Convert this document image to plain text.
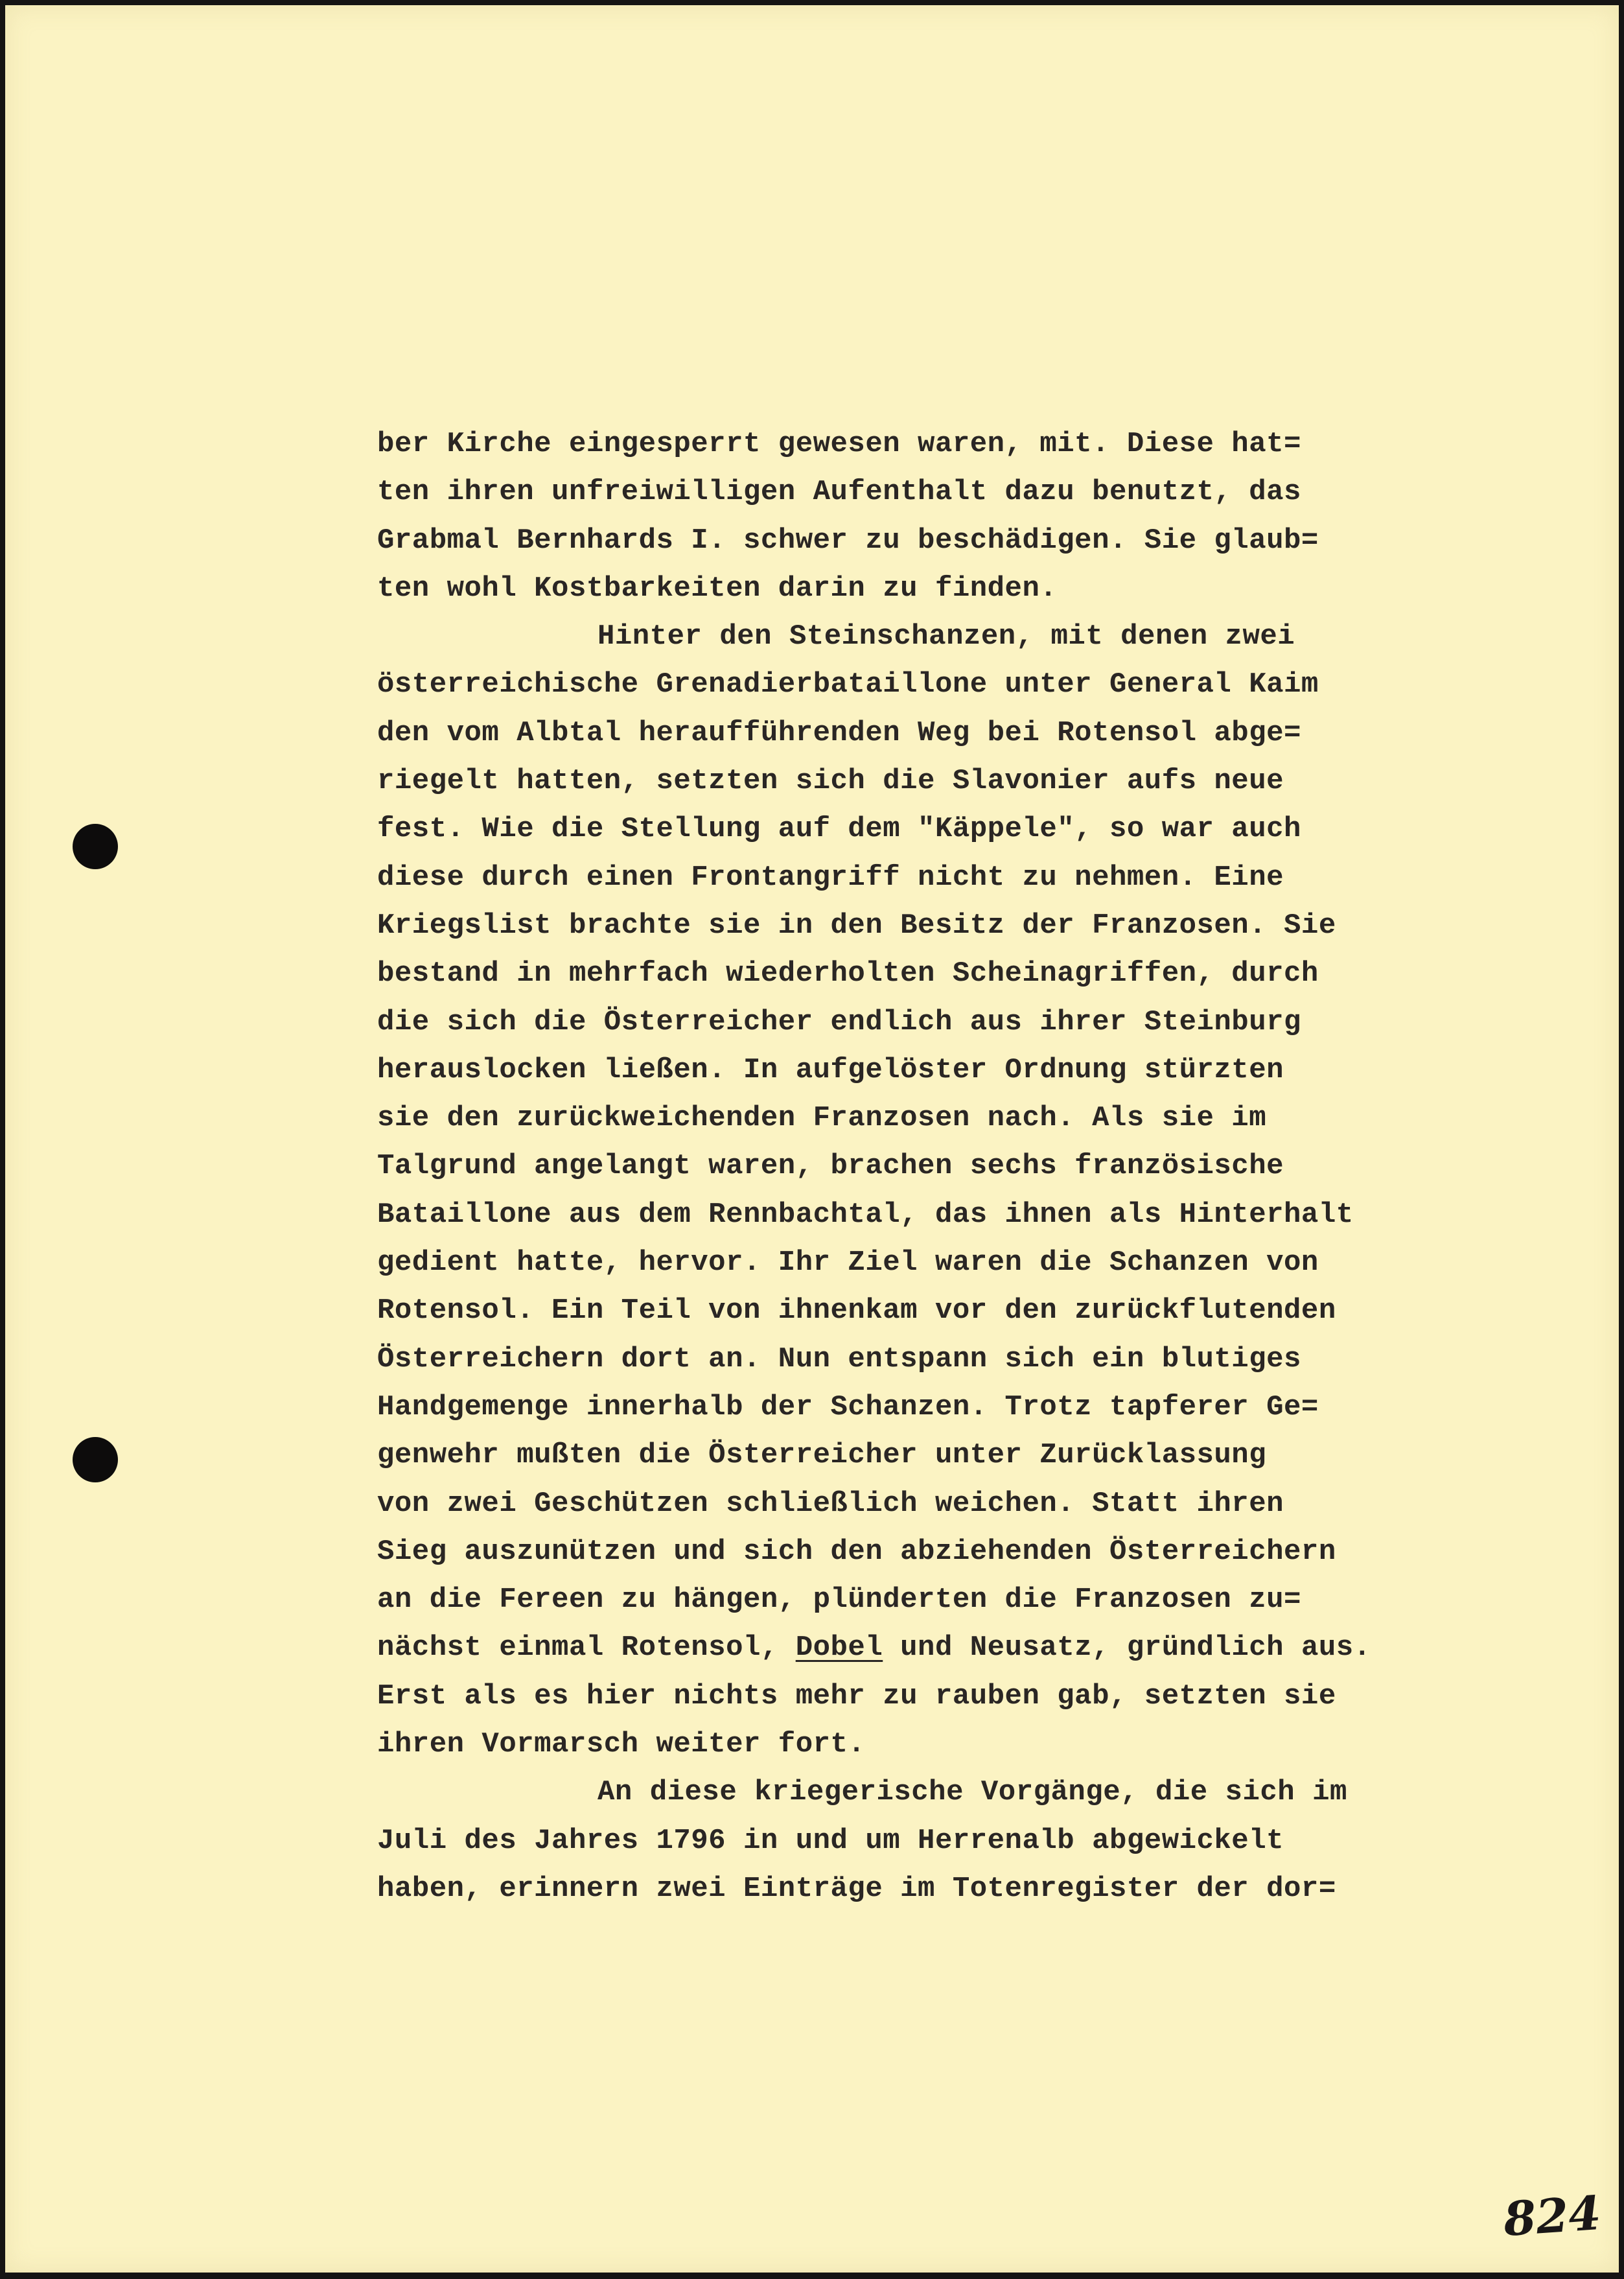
ber Kirche eingesperrt gewesen waren, mit. Diese hat=
ten ihren unfreiwilligen Aufenthalt dazu benutzt, das
Grabmal Bernhards I. schwer zu beschädigen. Sie glaub=
ten wohl Kostbarkeiten darin zu finden.
Hinter den Steinschanzen, mit denen zwei
österreichische Grenadierbataillone unter General Kaim
den vom Albtal heraufführenden Weg bei Rotensol abge=
riegelt hatten, setzten sich die Slavonier aufs neue
fest. Wie die Stellung auf dem "Käppele", so war auch
diese durch einen Frontangriff nicht zu nehmen. Eine
Kriegslist brachte sie in den Besitz der Franzosen. Sie
bestand in mehrfach wiederholten Scheinagriffen, durch
die sich die Österreicher endlich aus ihrer Steinburg
herauslocken ließen. In aufgelöster Ordnung stürzten
sie den zurückweichenden Franzosen nach. Als sie im
Talgrund angelangt waren, brachen sechs französische
Bataillone aus dem Rennbachtal, das ihnen als Hinterhalt
gedient hatte, hervor. Ihr Ziel waren die Schanzen von
Rotensol. Ein Teil von ihnenkam vor den zurückflutenden
Österreichern dort an. Nun entspann sich ein blutiges
Handgemenge innerhalb der Schanzen. Trotz tapferer Ge=
genwehr mußten die Österreicher unter Zurücklassung
von zwei Geschützen schließlich weichen. Statt ihren
Sieg auszunützen und sich den abziehenden Österreichern
an die Fereen zu hängen, plünderten die Franzosen zu=
nächst einmal Rotensol, Dobel und Neusatz, gründlich aus.
Erst als es hier nichts mehr zu rauben gab, setzten sie
ihren Vormarsch weiter fort.
An diese kriegerische Vorgänge, die sich im
Juli des Jahres 1796 in und um Herrenalb abgewickelt
haben, erinnern zwei Einträge im Totenregister der dor=
824
